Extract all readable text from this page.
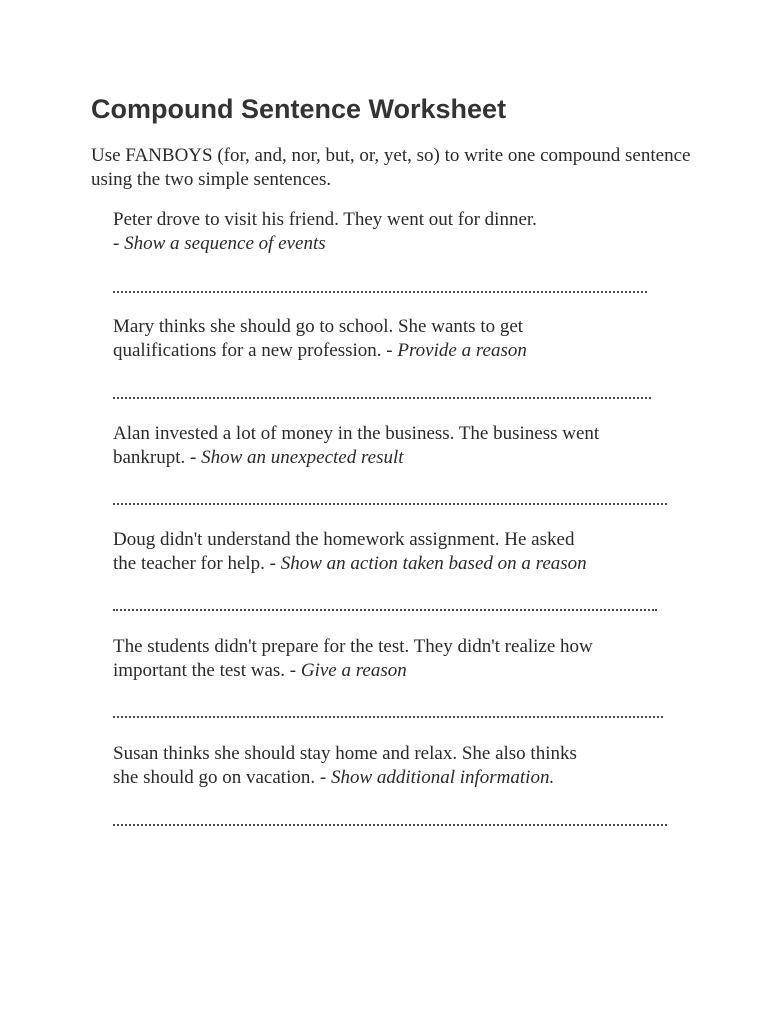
Compound Sentence Worksheet

Use FANBOYS (for, and, nor, but, or, yet, so) to write one compound sentence using the two simple sentences.

Peter drove to visit his friend. They went out for dinner.

- Show a sequence of events

Mary thinks she should go to school. She wants to get

qualifications for a new profession. - Provide a reason

Alan invested a lot of money in the business. The business went

bankrupt. - Show an unexpected result

Doug didn't understand the homework assignment. He asked

the teacher for help. - Show an action taken based on a reason

The students didn't prepare for the test. They didn't realize how

important the test was. - Give a reason

Susan thinks she should stay home and relax. She also thinks

she should go on vacation. - Show additional information.
